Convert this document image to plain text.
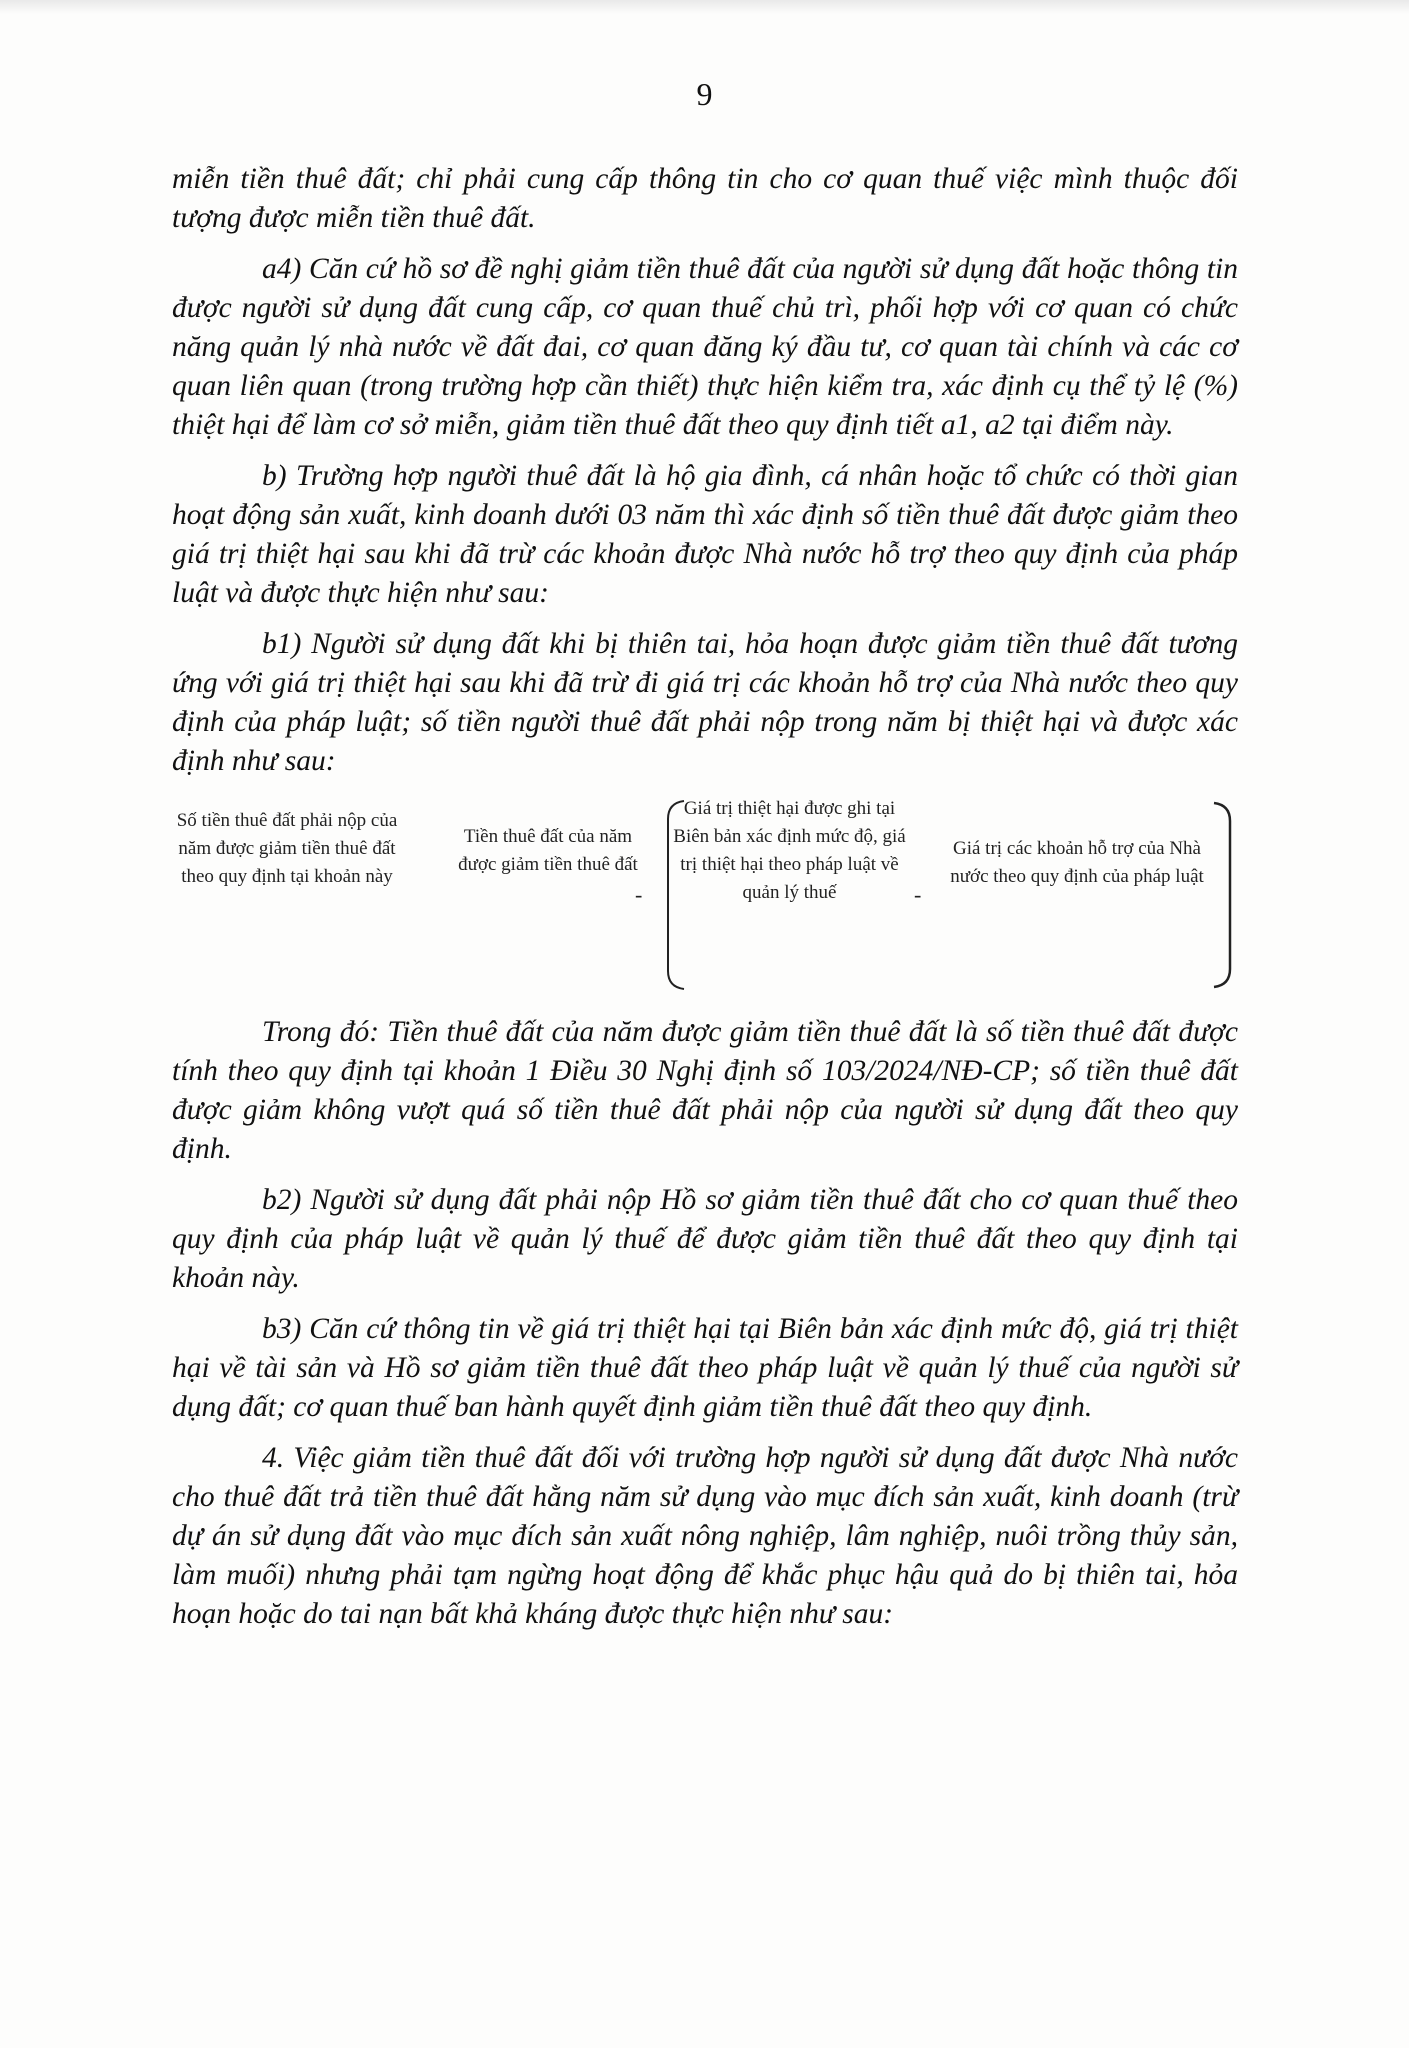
9

miễn tiền thuê đất; chỉ phải cung cấp thông tin cho cơ quan thuế việc mình thuộc đối tượng được miễn tiền thuê đất.

a4) Căn cứ hồ sơ đề nghị giảm tiền thuê đất của người sử dụng đất hoặc thông tin được người sử dụng đất cung cấp, cơ quan thuế chủ trì, phối hợp với cơ quan có chức năng quản lý nhà nước về đất đai, cơ quan đăng ký đầu tư, cơ quan tài chính và các cơ quan liên quan (trong trường hợp cần thiết) thực hiện kiểm tra, xác định cụ thể tỷ lệ (%) thiệt hại để làm cơ sở miễn, giảm tiền thuê đất theo quy định tiết a1, a2 tại điểm này.

b) Trường hợp người thuê đất là hộ gia đình, cá nhân hoặc tổ chức có thời gian hoạt động sản xuất, kinh doanh dưới 03 năm thì xác định số tiền thuê đất được giảm theo giá trị thiệt hại sau khi đã trừ các khoản được Nhà nước hỗ trợ theo quy định của pháp luật và được thực hiện như sau:

b1) Người sử dụng đất khi bị thiên tai, hỏa hoạn được giảm tiền thuê đất tương ứng với giá trị thiệt hại sau khi đã trừ đi giá trị các khoản hỗ trợ của Nhà nước theo quy định của pháp luật; số tiền người thuê đất phải nộp trong năm bị thiệt hại và được xác định như sau:

Số tiền thuê đất phải nộp của năm được giảm tiền thuê đất theo quy định tại khoản này
Tiền thuê đất của năm được giảm tiền thuê đất
-
Giá trị thiệt hại được ghi tại Biên bản xác định mức độ, giá trị thiệt hại theo pháp luật về quản lý thuế	-
Giá trị các khoản hỗ trợ của Nhà nước theo quy định của pháp luật

Trong đó: Tiền thuê đất của năm được giảm tiền thuê đất là số tiền thuê đất được tính theo quy định tại khoản 1 Điều 30 Nghị định số 103/2024/NĐ-CP; số tiền thuê đất được giảm không vượt quá số tiền thuê đất phải nộp của người sử dụng đất theo quy định.

b2) Người sử dụng đất phải nộp Hồ sơ giảm tiền thuê đất cho cơ quan thuế theo quy định của pháp luật về quản lý thuế để được giảm tiền thuê đất theo quy định tại khoản này.

b3) Căn cứ thông tin về giá trị thiệt hại tại Biên bản xác định mức độ, giá trị thiệt hại về tài sản và Hồ sơ giảm tiền thuê đất theo pháp luật về quản lý thuế của người sử dụng đất; cơ quan thuế ban hành quyết định giảm tiền thuê đất theo quy định.

4. Việc giảm tiền thuê đất đối với trường hợp người sử dụng đất được Nhà nước cho thuê đất trả tiền thuê đất hằng năm sử dụng vào mục đích sản xuất, kinh doanh (trừ dự án sử dụng đất vào mục đích sản xuất nông nghiệp, lâm nghiệp, nuôi trồng thủy sản, làm muối) nhưng phải tạm ngừng hoạt động để khắc phục hậu quả do bị thiên tai, hỏa hoạn hoặc do tai nạn bất khả kháng được thực hiện như sau:
